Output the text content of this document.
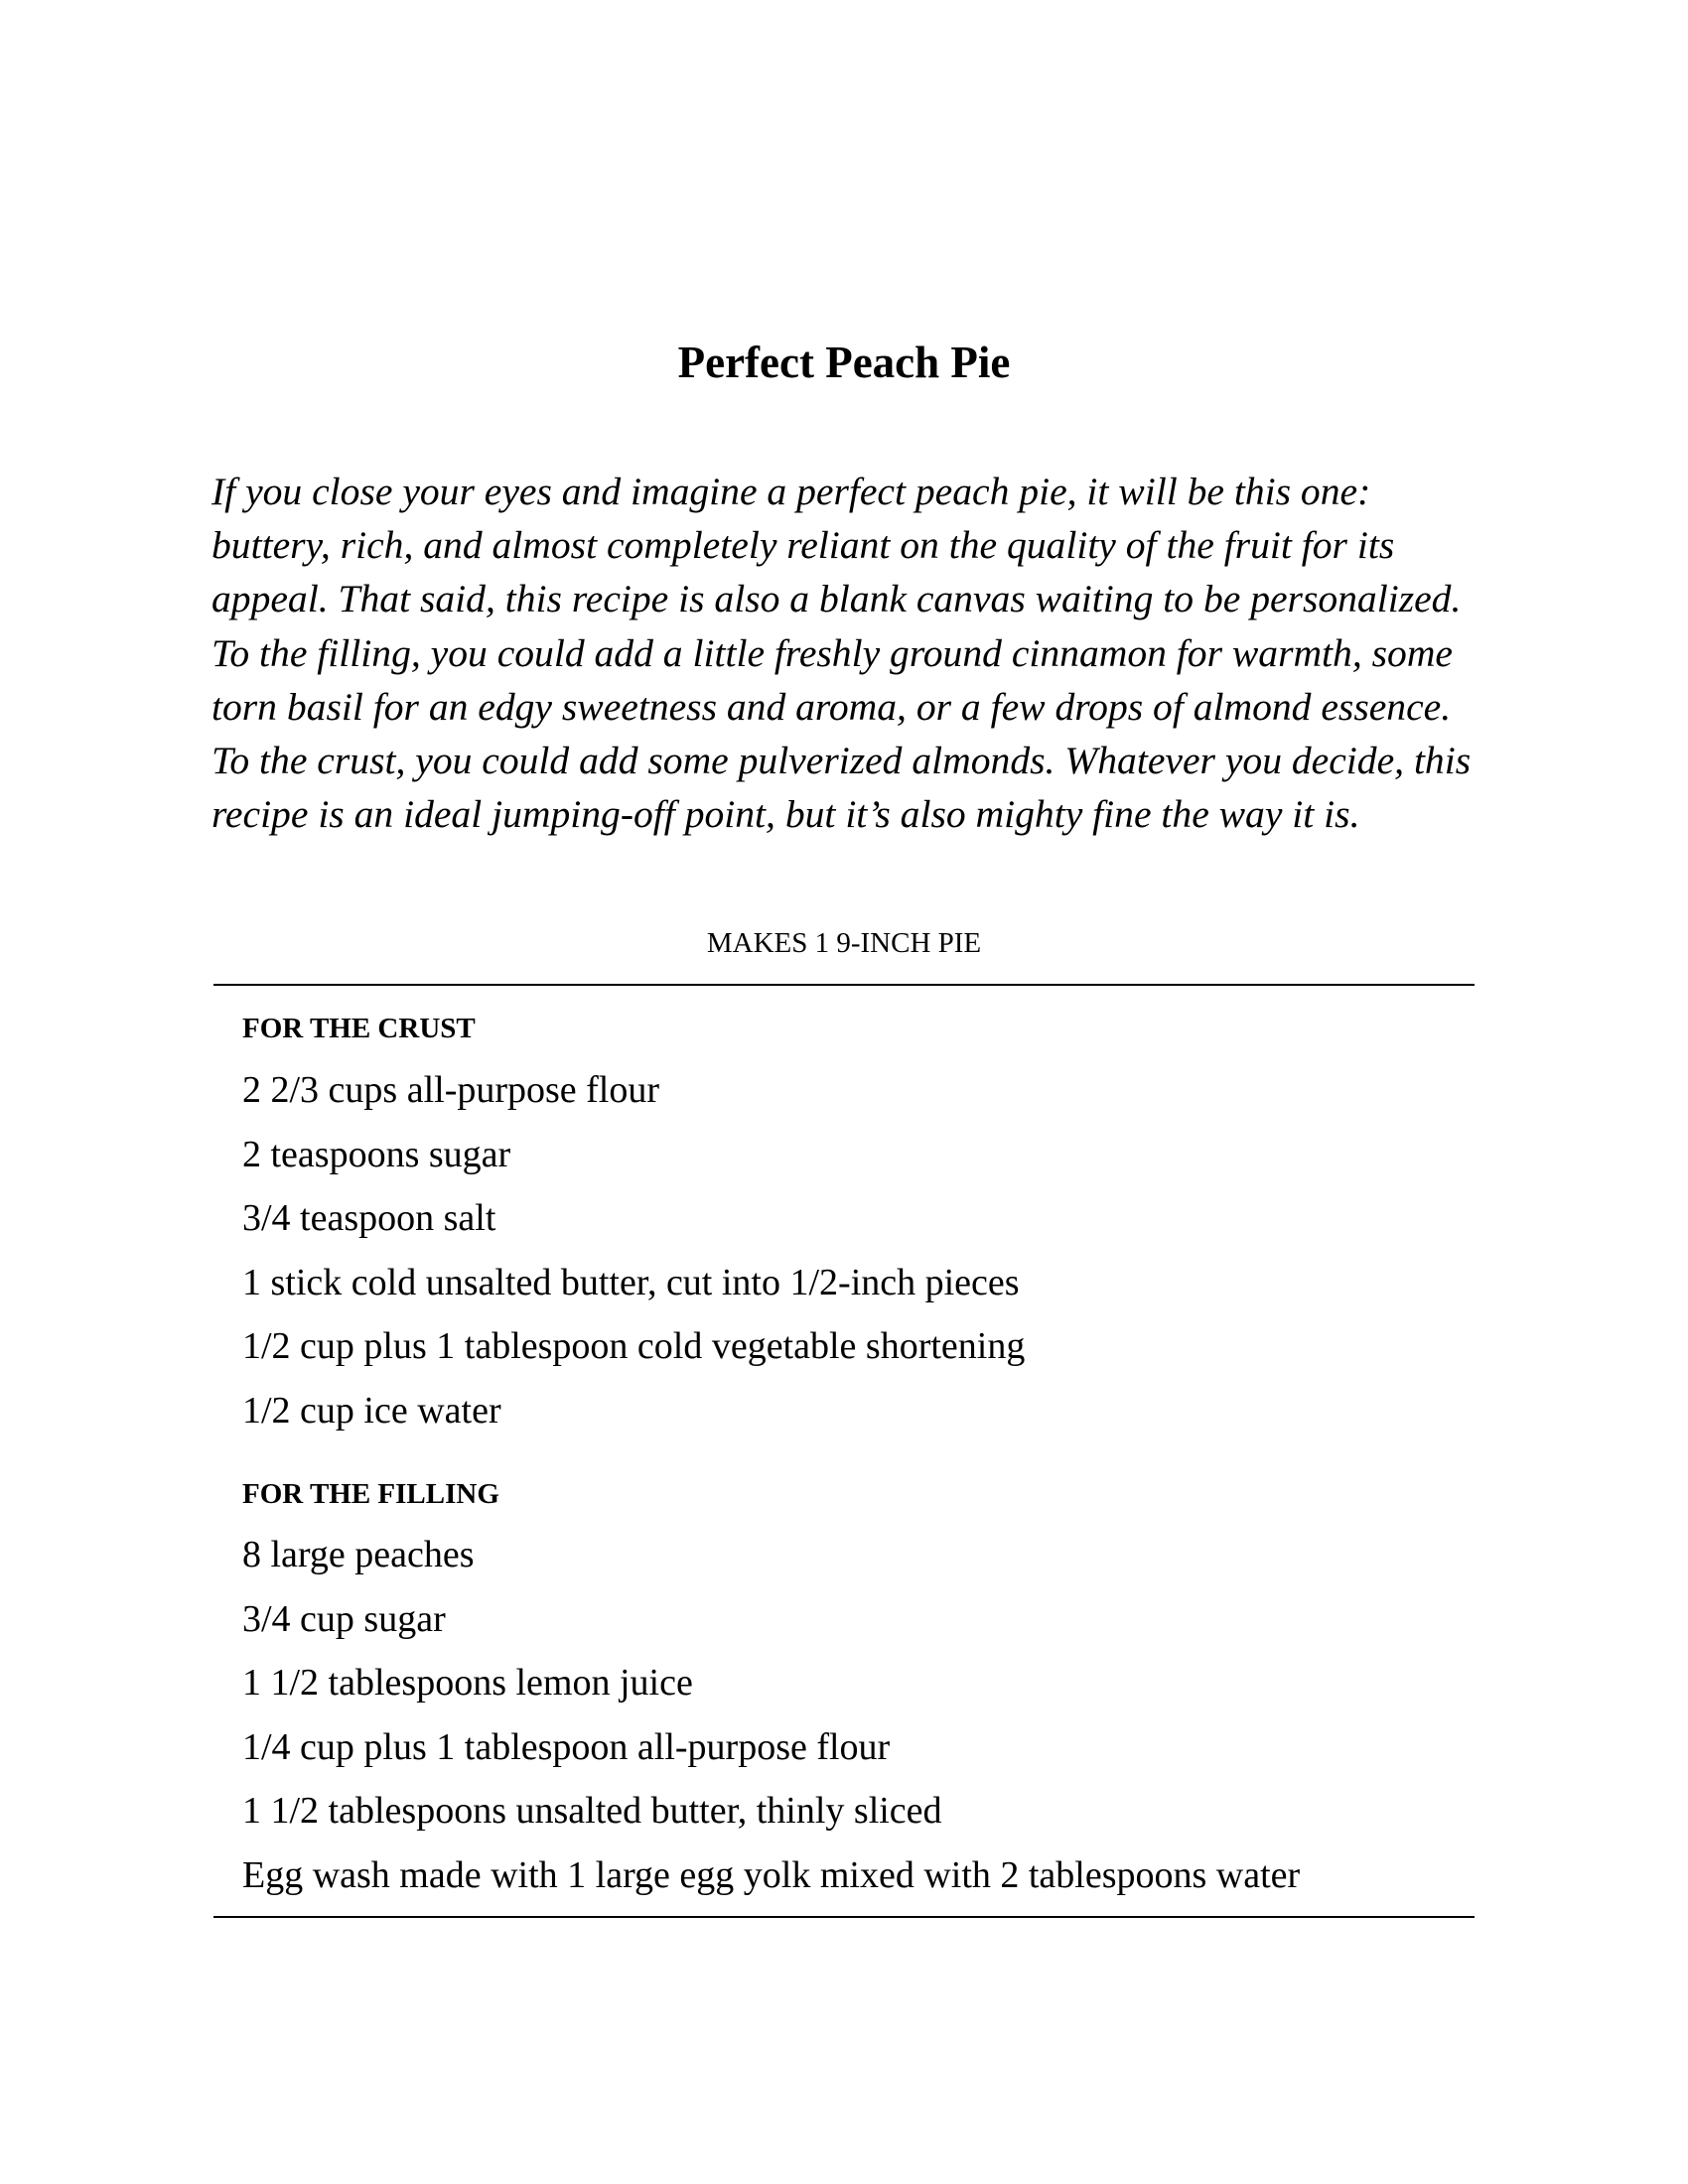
Perfect Peach Pie

If you close your eyes and imagine a perfect peach pie, it will be this one: buttery, rich, and almost completely reliant on the quality of the fruit for its appeal. That said, this recipe is also a blank canvas waiting to be personalized. To the filling, you could add a little freshly ground cinnamon for warmth, some torn basil for an edgy sweetness and aroma, or a few drops of almond essence. To the crust, you could add some pulverized almonds. Whatever you decide, this recipe is an ideal jumping-off point, but it’s also mighty fine the way it is.

MAKES 1 9-INCH PIE

FOR THE CRUST
2 2/3 cups all-purpose flour
2 teaspoons sugar
3/4 teaspoon salt
1 stick cold unsalted butter, cut into 1/2-inch pieces
1/2 cup plus 1 tablespoon cold vegetable shortening
1/2 cup ice water
FOR THE FILLING
8 large peaches
3/4 cup sugar
1 1/2 tablespoons lemon juice
1/4 cup plus 1 tablespoon all-purpose flour
1 1/2 tablespoons unsalted butter, thinly sliced
Egg wash made with 1 large egg yolk mixed with 2 tablespoons water
